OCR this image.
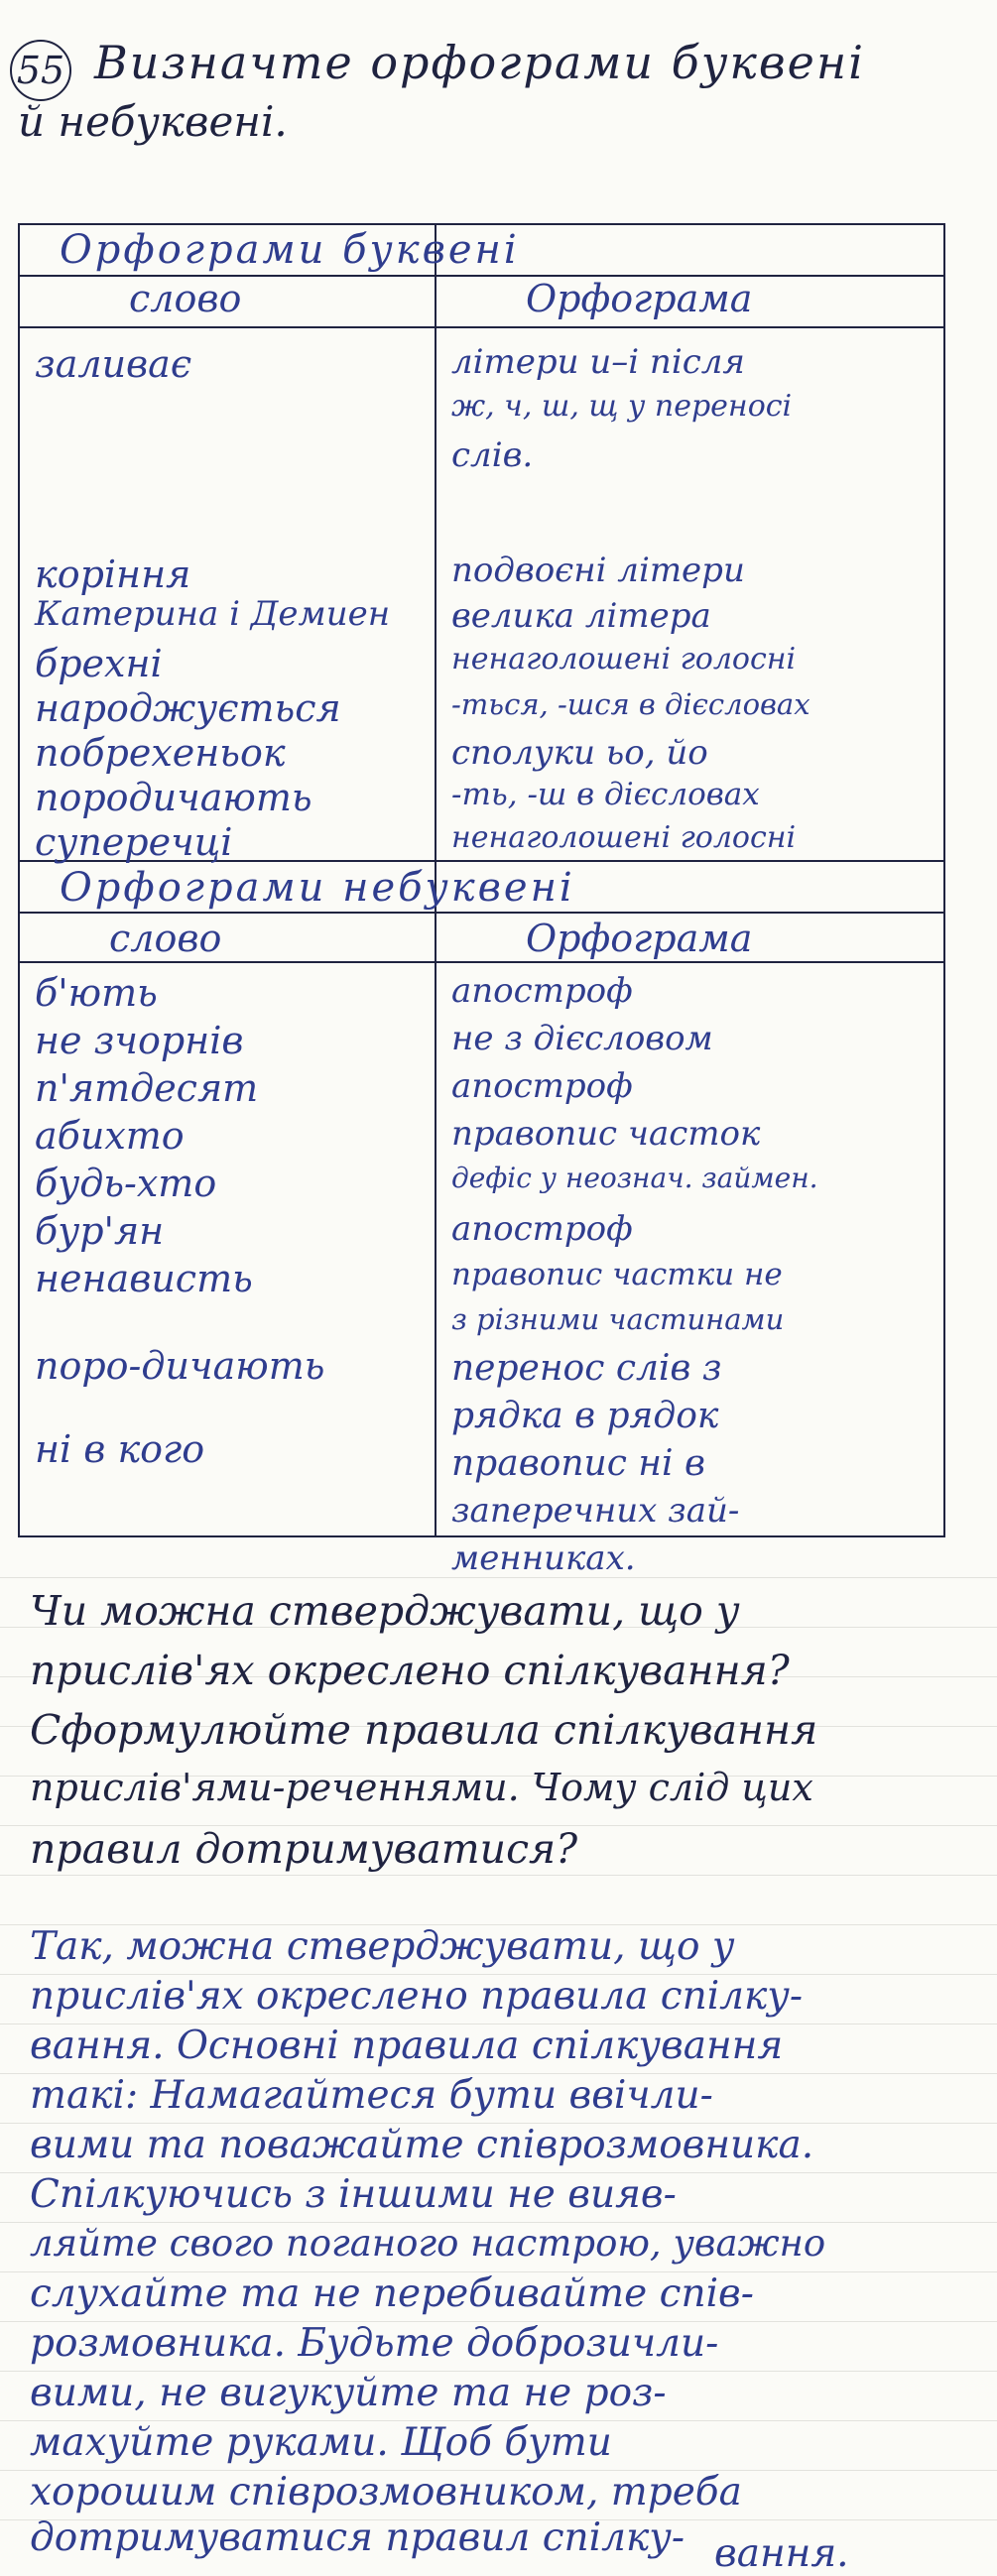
55 Визначте орфограми буквені
й небуквені.
Орфограми буквені
слово	Орфограма
заливає
коріння
Катерина і Демиен
бреxні
народжується
побрехеньок
породичають
суперечці
літери и–і після
ж, ч, ш, щ у переносі
слів.
подвоєні літери
велика літера
ненаголошені голосні
-ться, -шся в дієсловах
сполуки ьо, йо
-ть, -ш в дієсловах
ненаголошені голосні
Орфограми небуквені
слово	Орфограма
б'ють
не зчорнів
п'ятдесят
абихто
будь-хто
бур'ян
ненависть
поро-дичають
ні в кого
апостроф
не з дієсловом
апостроф
правопис часток
дефіс у неознач. займен.
апостроф
правопис частки не
з різними частинами
перенос слів з
рядка в рядок
правопис ні в
заперечних зай-
менниках.
Чи можна стверджувати, що у
прислів'ях окреслено спілкування?
Сформулюйте правила спілкування
прислів'ями-реченнями. Чому слід цих
правил дотримуватися?
Так, можна стверджувати, що у
прислів'ях окреслено правила спілку-
вання. Основні правила спілкування
такі: Намагайтеся бути ввічли-
вими та поважайте співрозмовника.
Спілкуючись з іншими не вияв-
ляйте свого поганого настрою, уважно
слухайте та не перебивайте спів-
розмовника. Будьте доброзичли-
вими, не вигукуйте та не роз-
махуйте руками. Щоб бути
хорошим співрозмовником, треба
дотримуватися правил спілку- вання.
